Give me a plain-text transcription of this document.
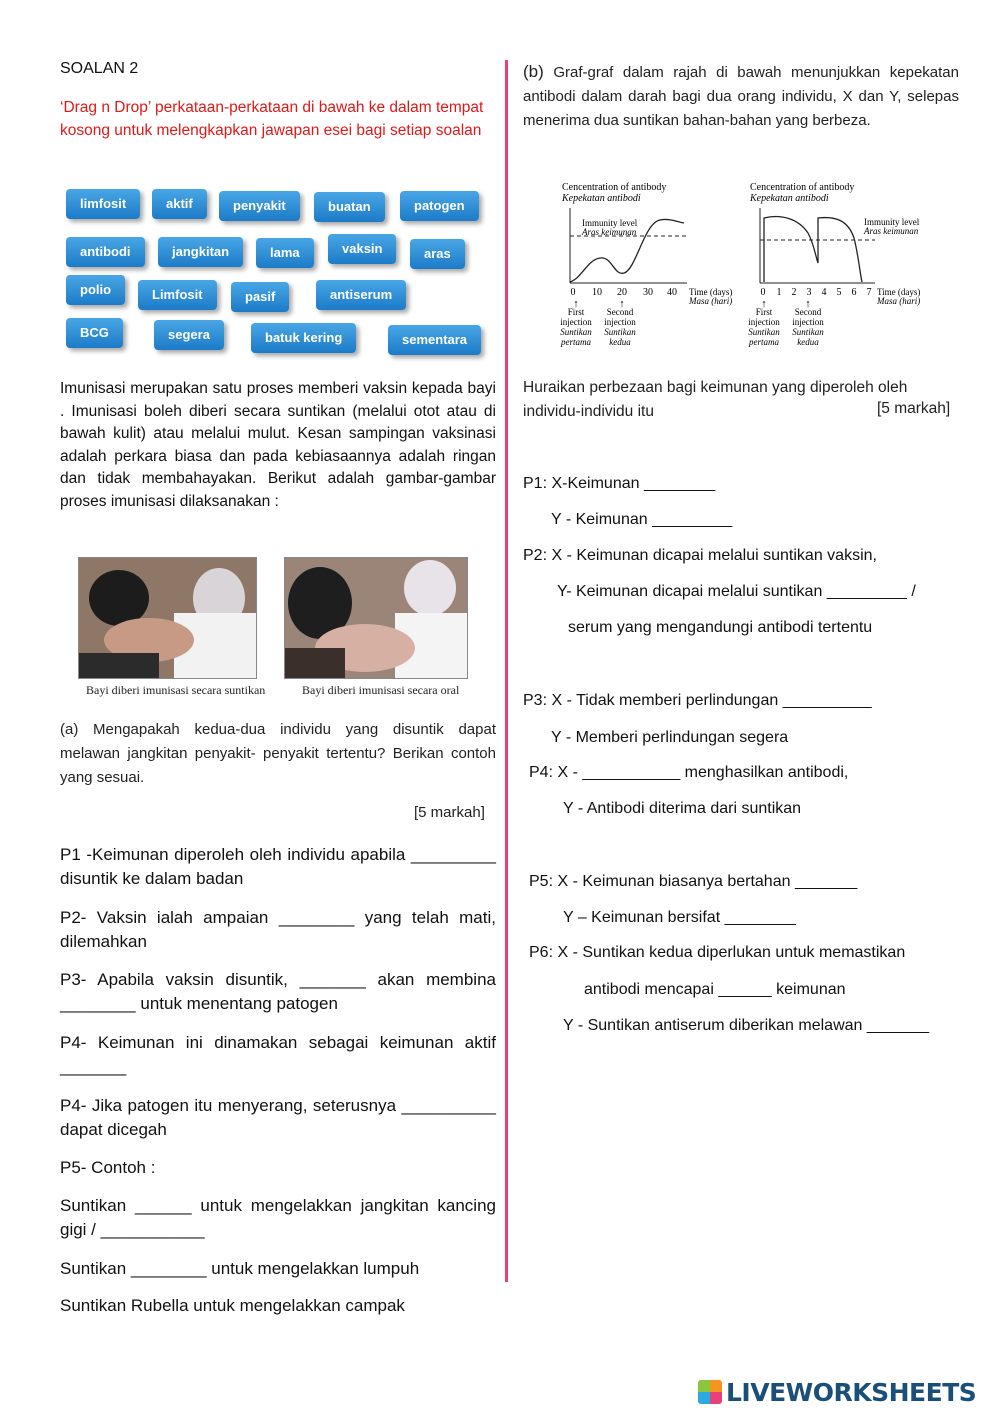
SOALAN 2
‘Drag n Drop’ perkataan-perkataan di bawah ke dalam tempat kosong untuk melengkapkan jawapan esei bagi setiap soalan
limfosit	aktif	penyakit	buatan	patogen
antibodi	jangkitan	lama	vaksin	aras
polio	Limfosit	pasif	antiserum
BCG	segera	batuk kering	sementara
Imunisasi merupakan satu proses memberi vaksin kepada bayi . Imunisasi boleh diberi secara suntikan (melalui otot atau di bawah kulit) atau melalui mulut. Kesan sampingan vaksinasi adalah perkara biasa dan pada kebiasaannya adalah ringan dan tidak membahayakan. Berikut adalah gambar-gambar proses imunisasi dilaksanakan :
Bayi diberi imunisasi secara suntikan	Bayi diberi imunisasi secara oral
(a) Mengapakah kedua-dua individu yang disuntik dapat melawan jangkitan penyakit- penyakit tertentu? Berikan contoh yang sesuai.
[5 markah]
P1 -Keimunan diperoleh oleh individu apabila _________ disuntik ke dalam badan
P2- Vaksin ialah ampaian ________ yang telah mati, dilemahkan
P3- Apabila vaksin disuntik, _______ akan membina ________ untuk menentang patogen
P4- Keimunan ini dinamakan sebagai keimunan aktif _______
P4- Jika patogen itu menyerang, seterusnya __________ dapat dicegah
P5- Contoh :
Suntikan ______ untuk mengelakkan jangkitan kancing gigi / ___________
Suntikan ________ untuk mengelakkan lumpuh
Suntikan Rubella untuk mengelakkan campak
(b) Graf-graf dalam rajah di bawah menunjukkan kepekatan antibodi dalam darah bagi dua orang individu, X dan Y, selepas menerima dua suntikan bahan-bahan yang berbeza.
Cencentration of antibody
Kepekatan antibodi
Immunity level
Aras keimunan
0 10 20 30 40 Time (days)
Masa (hari)
↑	↑
First
injection
Suntikan
pertama
Second
injection
Suntikan
kedua
Cencentration of antibody
Kepekatan antibodi
Immunity level
Aras keimunan
0 1 2 3 4 5 6 7 Time (days)
Masa (hari)
↑	↑
First
injection
Suntikan
pertama
Second
injection
Suntikan
kedua
Huraikan perbezaan bagi keimunan yang diperoleh oleh individu-individu itu	[5 markah]
P1: X-Keimunan ________
Y - Keimunan _________
P2: X - Keimunan dicapai melalui suntikan vaksin,
Y- Keimunan dicapai melalui suntikan _________ /
serum yang mengandungi antibodi tertentu
P3: X - Tidak memberi perlindungan __________
Y - Memberi perlindungan segera
P4: X - ___________ menghasilkan antibodi,
Y - Antibodi diterima dari suntikan
P5: X - Keimunan biasanya bertahan _______
Y – Keimunan bersifat ________
P6: X - Suntikan kedua diperlukan untuk memastikan
antibodi mencapai ______ keimunan
Y - Suntikan antiserum diberikan melawan _______
LIVEWORKSHEETS
